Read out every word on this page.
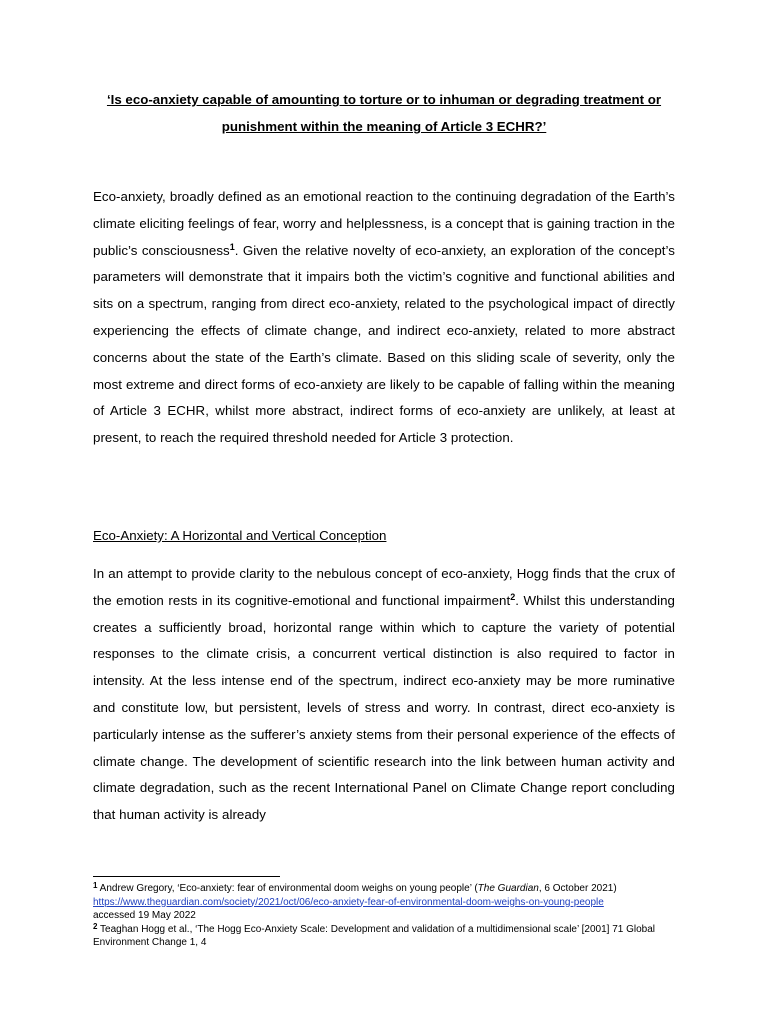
‘Is eco-anxiety capable of amounting to torture or to inhuman or degrading treatment or punishment within the meaning of Article 3 ECHR?’

Eco-anxiety, broadly defined as an emotional reaction to the continuing degradation of the Earth’s climate eliciting feelings of fear, worry and helplessness, is a concept that is gaining traction in the public’s consciousness$^1$. Given the relative novelty of eco-anxiety, an exploration of the concept’s parameters will demonstrate that it impairs both the victim’s cognitive and functional abilities and sits on a spectrum, ranging from direct eco-anxiety, related to the psychological impact of directly experiencing the effects of climate change, and indirect eco-anxiety, related to more abstract concerns about the state of the Earth’s climate. Based on this sliding scale of severity, only the most extreme and direct forms of eco-anxiety are likely to be capable of falling within the meaning of Article 3 ECHR, whilst more abstract, indirect forms of eco-anxiety are unlikely, at least at present, to reach the required threshold needed for Article 3 protection.

Eco-Anxiety: A Horizontal and Vertical Conception

In an attempt to provide clarity to the nebulous concept of eco-anxiety, Hogg finds that the crux of the emotion rests in its cognitive-emotional and functional impairment$^2$. Whilst this understanding creates a sufficiently broad, horizontal range within which to capture the variety of potential responses to the climate crisis, a concurrent vertical distinction is also required to factor in intensity. At the less intense end of the spectrum, indirect eco-anxiety may be more ruminative and constitute low, but persistent, levels of stress and worry. In contrast, direct eco-anxiety is particularly intense as the sufferer’s anxiety stems from their personal experience of the effects of climate change. The development of scientific research into the link between human activity and climate degradation, such as the recent International Panel on Climate Change report concluding that human activity is already

$^1$ Andrew Gregory, ‘Eco-anxiety: fear of environmental doom weighs on young people’ (The Guardian, 6 October 2021)
https://www.theguardian.com/society/2021/oct/06/eco-anxiety-fear-of-environmental-doom-weighs-on-young-people
accessed 19 May 2022

$^2$ Teaghan Hogg et al., ‘The Hogg Eco-Anxiety Scale: Development and validation of a multidimensional scale’ [2001] 71 Global Environment Change 1, 4
